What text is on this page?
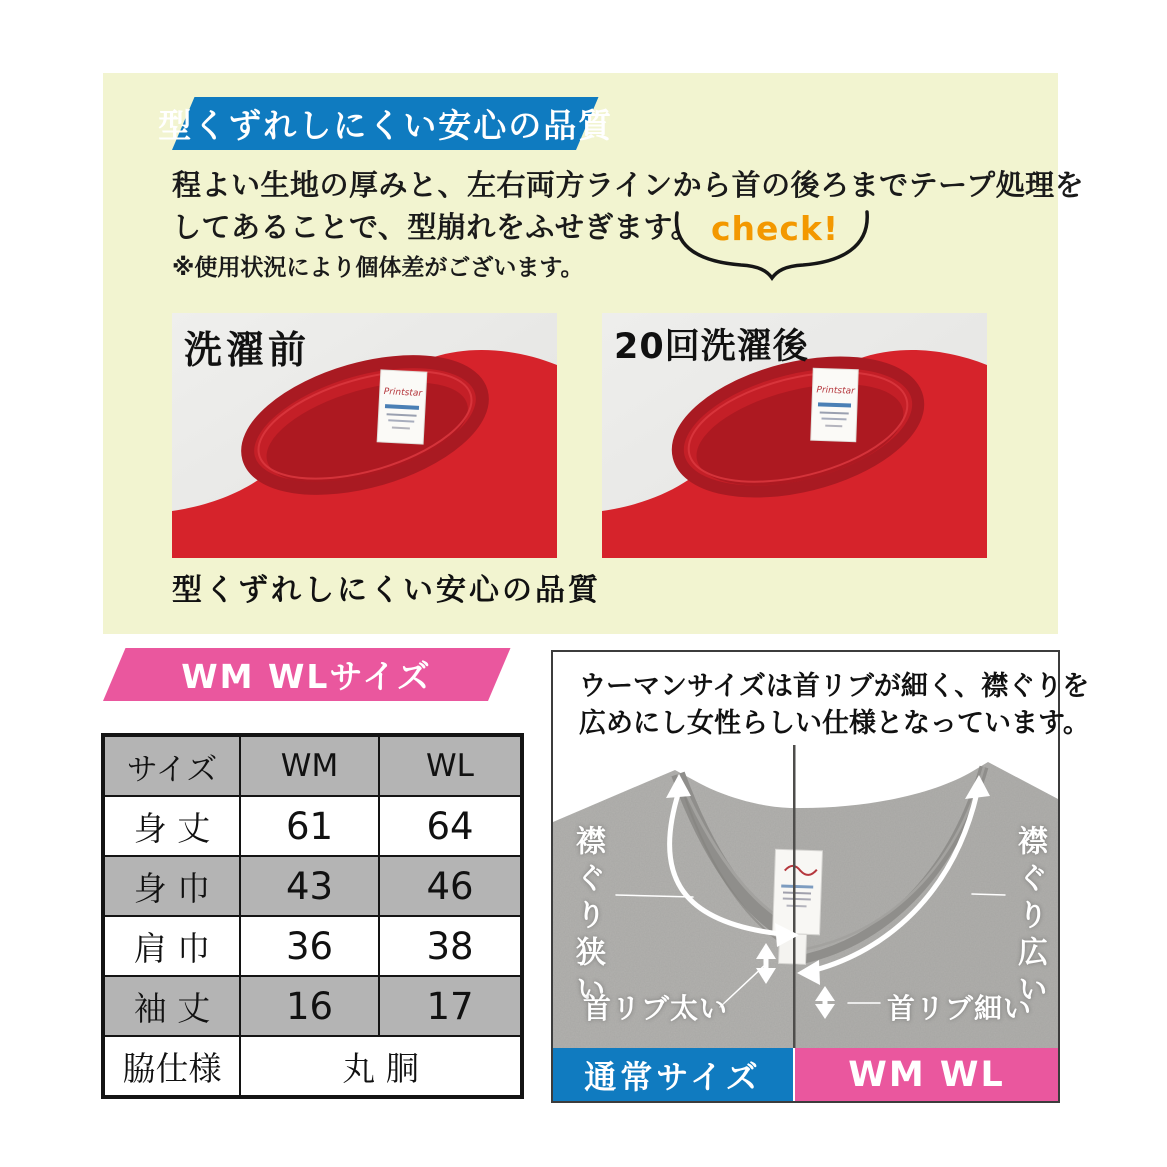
型くずれしにくい安心の品質
程よい生地の厚みと、左右両方ラインから首の後ろまでテープ処理を
してあることで、型崩れをふせぎます。
※使用状況により個体差がございます。
check!
Printstar
洗濯前
Printstar
20回洗濯後
型くずれしにくい安心の品質
WM WLサイズ
サイズ	WM	WL
身 丈	61	64
身 巾	43	46
肩 巾	36	38
袖 丈	16	17
脇仕様	丸 胴	
ウーマンサイズは首リブが細く、襟ぐりを
広めにし女性らしい仕様となっています。
襟ぐり狭い	襟ぐり広い
首リブ太い	首リブ細い
通常サイズ	WM WL
